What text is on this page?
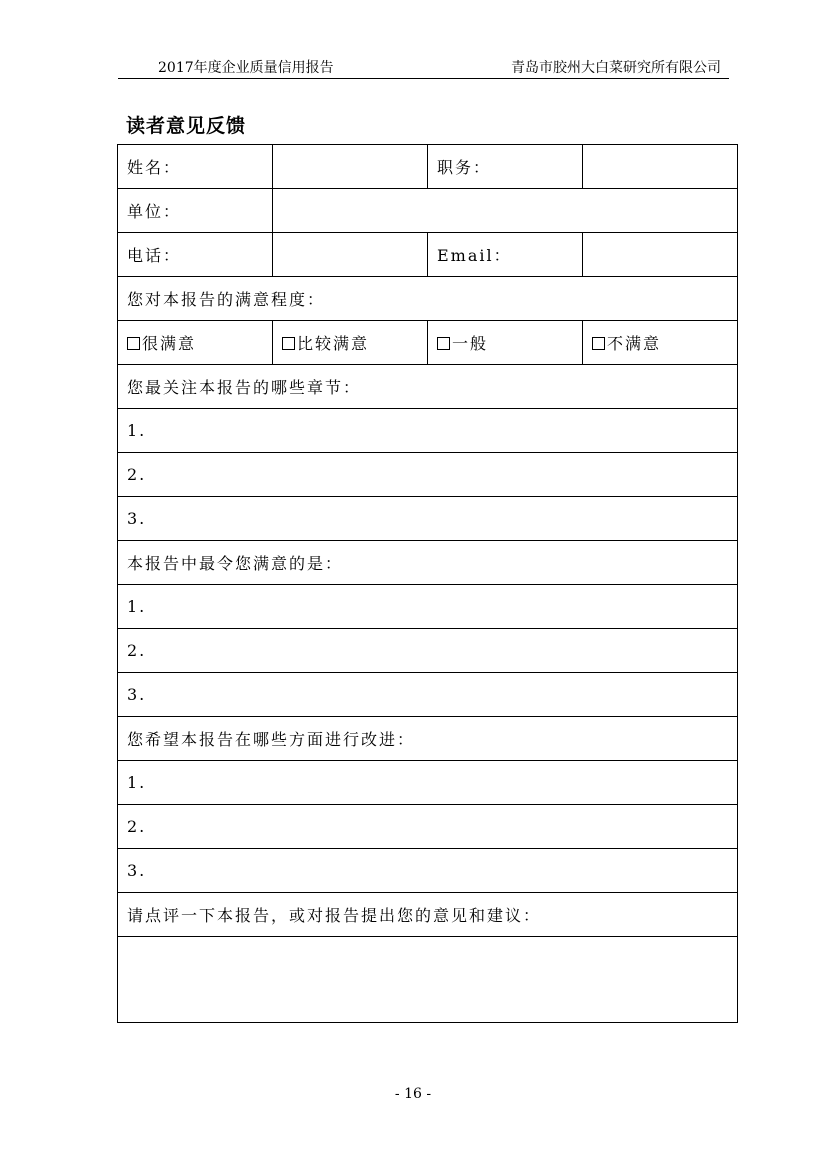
2017年度企业质量信用报告	青岛市胶州大白菜研究所有限公司
读者意见反馈
姓名：		职务：	
单位：			
电话：		Email：	
您对本报告的满意程度：			
很满意	比较满意	一般	不满意
您最关注本报告的哪些章节：			
1.			
2.			
3.			
本报告中最令您满意的是：			
1.			
2.			
3.			
您希望本报告在哪些方面进行改进：			
1.			
2.			
3.			
请点评一下本报告，或对报告提出您的意见和建议：			

- 16 -
